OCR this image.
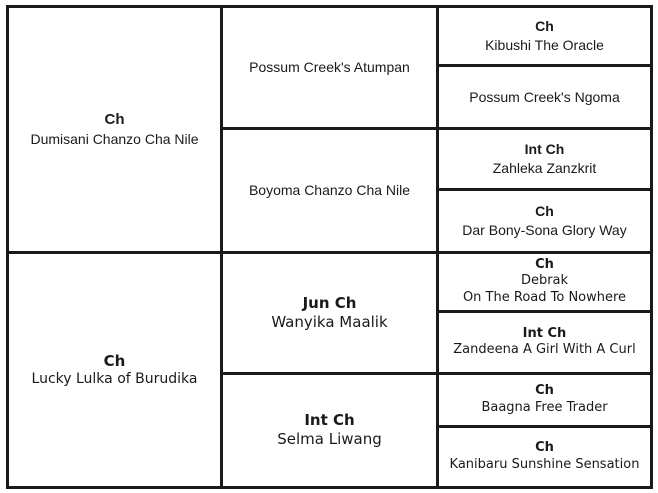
Ch
Dumisani Chanzo Cha Nile
Ch
Lucky Lulka of Burudika
Possum Creek's Atumpan
Boyoma Chanzo Cha Nile
Jun Ch
Wanyika Maalik
Int Ch
Selma Liwang
Ch
Kibushi The Oracle
Possum Creek's Ngoma
Int Ch
Zahleka Zanzkrit
Ch
Dar Bony-Sona Glory Way
Ch
Debrak
On The Road To Nowhere
Int Ch
Zandeena A Girl With A Curl
Ch
Baagna Free Trader
Ch
Kanibaru Sunshine Sensation
